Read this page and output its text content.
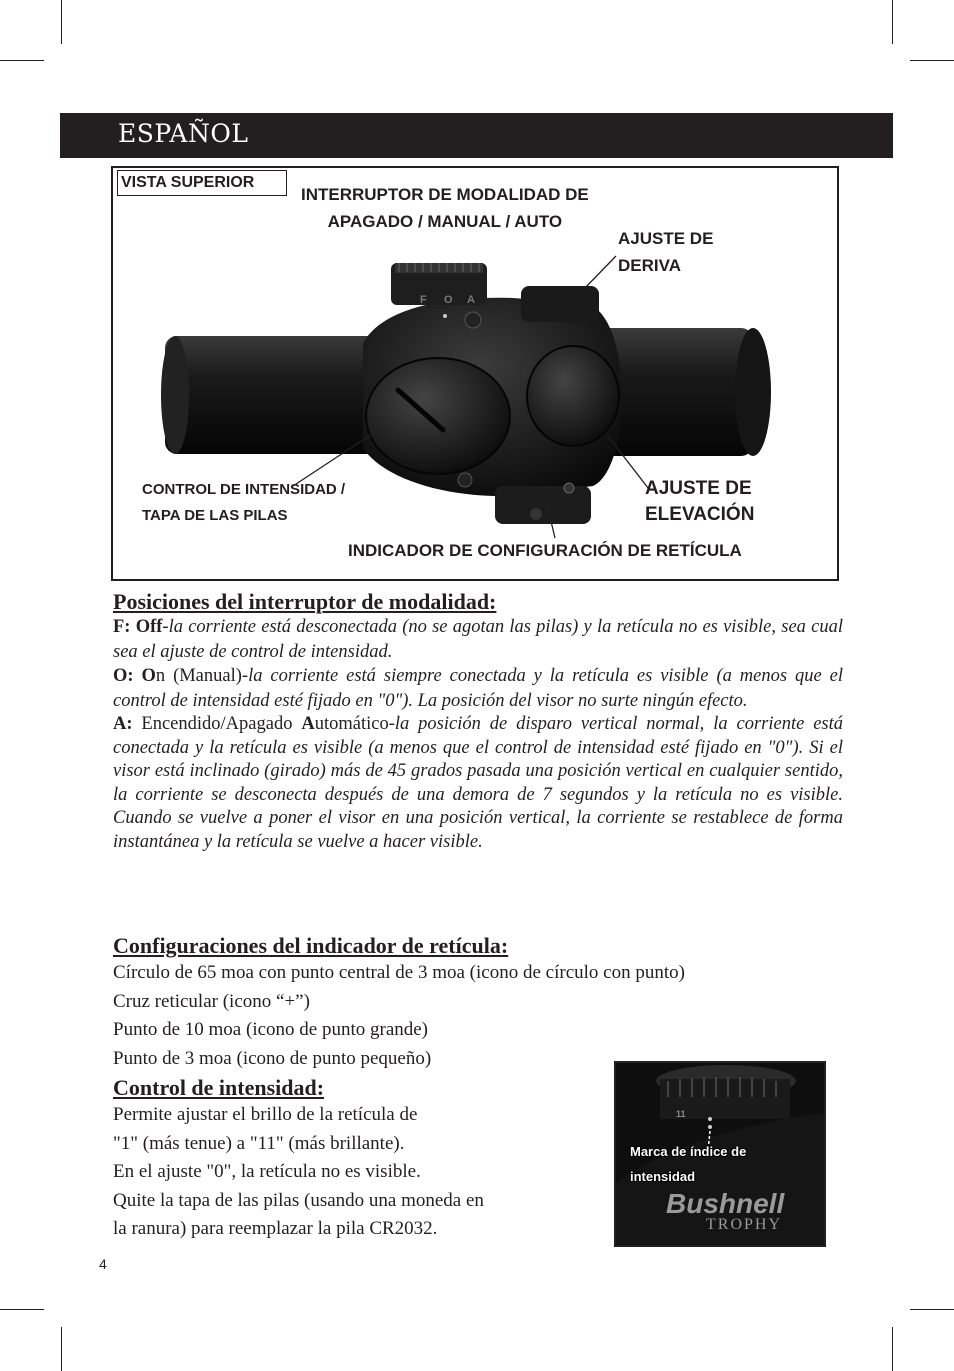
ESPAÑOL
F O A
VISTA SUPERIOR
INTERRUPTOR DE MODALIDAD DE
APAGADO / MANUAL / AUTO
AJUSTE DE
DERIVA
CONTROL DE INTENSIDAD /
TAPA DE LAS PILAS
AJUSTE DE
ELEVACIÓN
INDICADOR DE CONFIGURACIÓN DE RETÍCULA
Posiciones del interruptor de modalidad:
F: Off-la corriente está desconectada (no se agotan las pilas) y la retícula no es visible, sea cual sea el ajuste de control de intensidad.
O: On (Manual)-la corriente está siempre conectada y la retícula es visible (a menos que el control de intensidad esté fijado en "0"). La posición del visor no surte ningún efecto.
A: Encendido/Apagado Automático-la posición de disparo vertical normal, la corriente está conectada y la retícula es visible (a menos que el control de intensidad esté fijado en "0"). Si el visor está inclinado (girado) más de 45 grados pasada una posición vertical en cualquier sentido, la corriente se desconecta después de una demora de 7 segundos y la retícula no es visible. Cuando se vuelve a poner el visor en una posición vertical, la corriente se restablece de forma instantánea y la retícula se vuelve a hacer visible.
Configuraciones del indicador de retícula:
Círculo de 65 moa con punto central de 3 moa (icono de círculo con punto)
Cruz reticular (icono “+”)
Punto de 10 moa (icono de punto grande)
Punto de 3 moa (icono de punto pequeño)
Control de intensidad:
Permite ajustar el brillo de la retícula de
"1" (más tenue) a "11" (más brillante).
En el ajuste "0", la retícula no es visible.
Quite la tapa de las pilas (usando una moneda en
la ranura) para reemplazar la pila CR2032.
11
Bushnell
TROPHY
Marca de índice de
intensidad
4
